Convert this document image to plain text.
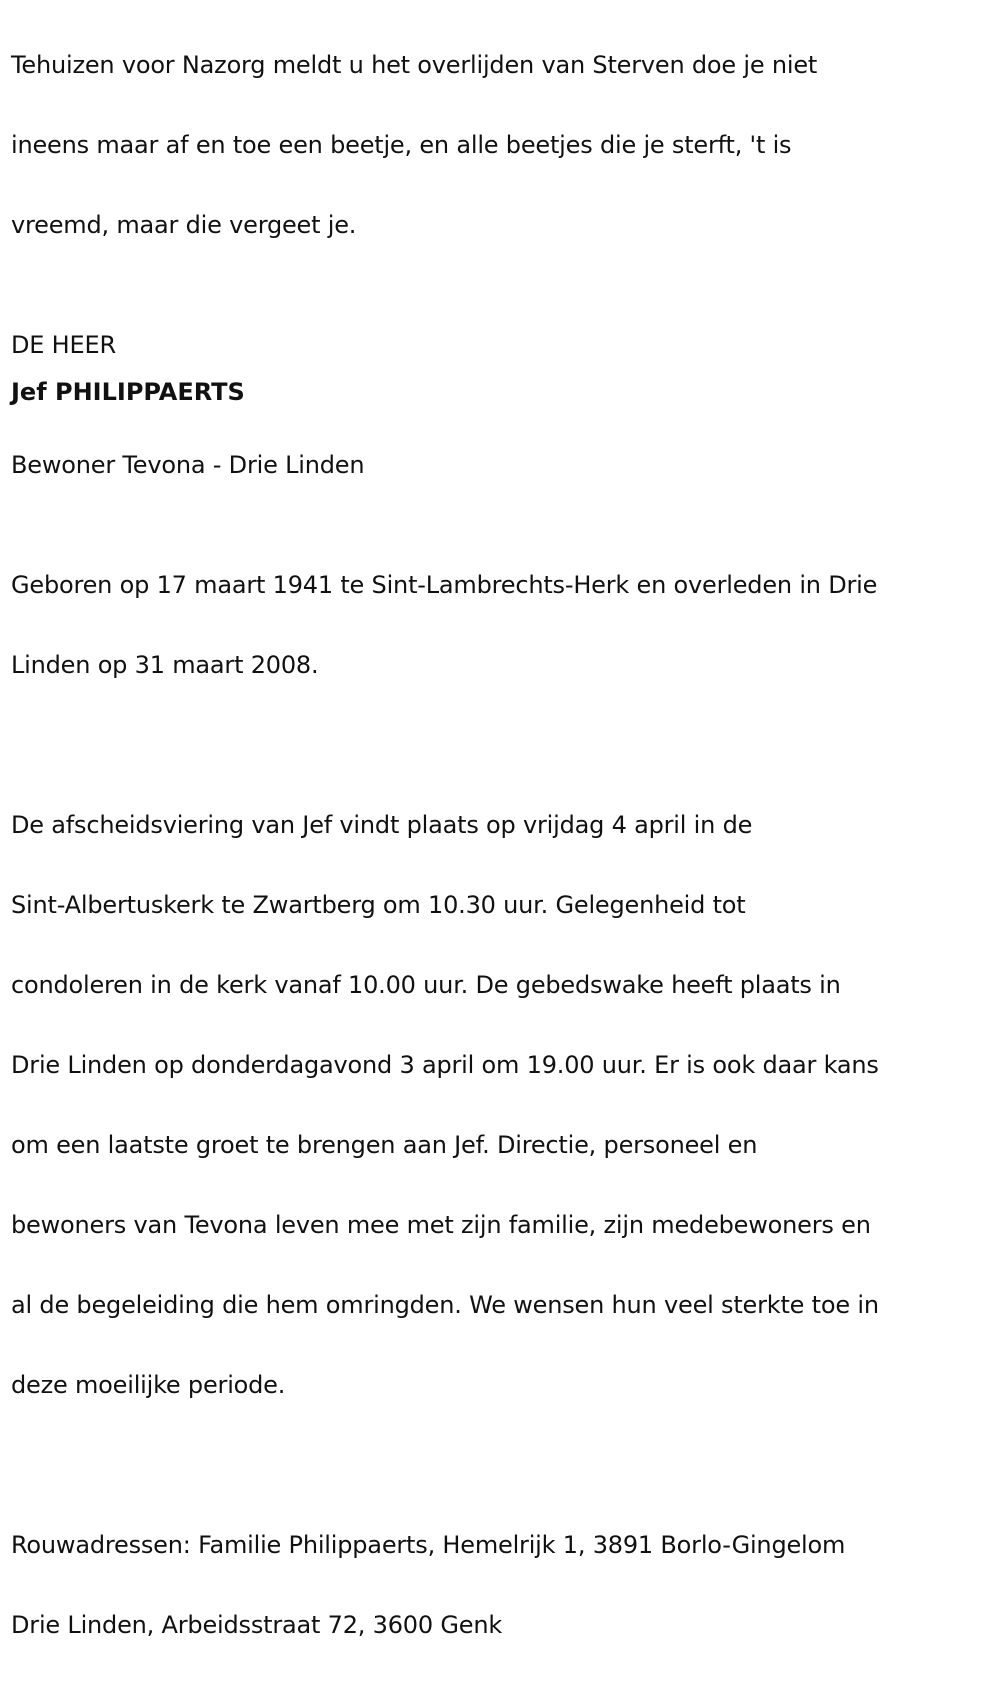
Tehuizen voor Nazorg meldt u het overlijden van Sterven doe je niet

ineens maar af en toe een beetje, en alle beetjes die je sterft, 't is

vreemd, maar die vergeet je.

DE HEER
Jef PHILIPPAERTS
Bewoner Tevona - Drie Linden

Geboren op 17 maart 1941 te Sint-Lambrechts-Herk en overleden in Drie

Linden op 31 maart 2008.

De afscheidsviering van Jef vindt plaats op vrijdag 4 april in de

Sint-Albertuskerk te Zwartberg om 10.30 uur. Gelegenheid tot

condoleren in de kerk vanaf 10.00 uur. De gebedswake heeft plaats in

Drie Linden op donderdagavond 3 april om 19.00 uur. Er is ook daar kans

om een laatste groet te brengen aan Jef. Directie, personeel en

bewoners van Tevona leven mee met zijn familie, zijn medebewoners en

al de begeleiding die hem omringden. We wensen hun veel sterkte toe in

deze moeilijke periode.

Rouwadressen: Familie Philippaerts, Hemelrijk 1, 3891 Borlo-Gingelom

Drie Linden, Arbeidsstraat 72, 3600 Genk
